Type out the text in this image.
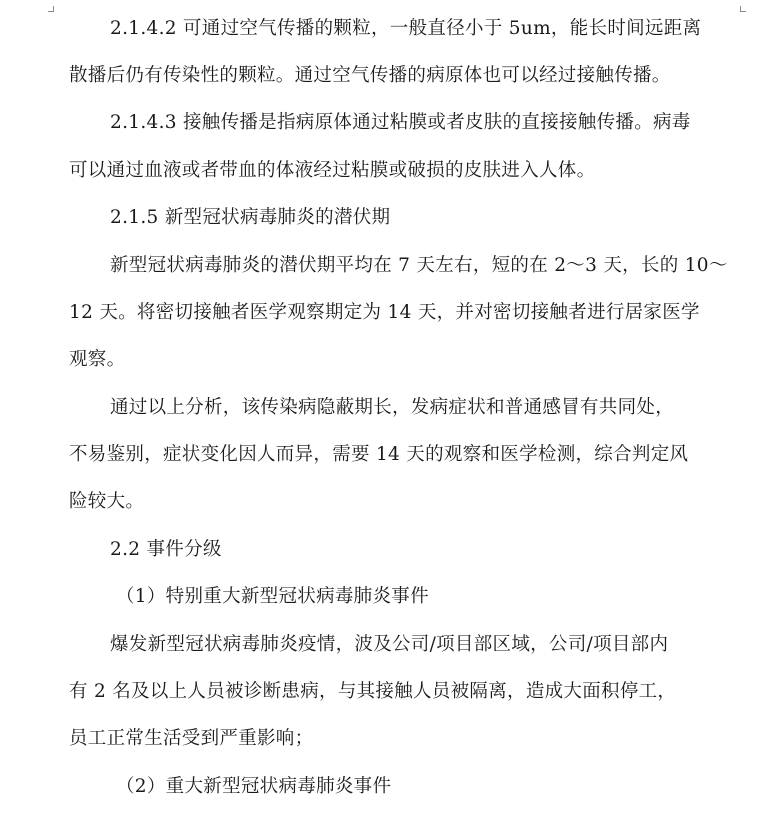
2.1.4.2 可通过空气传播的颗粒，一般直径小于 5um，能长时间远距离
散播后仍有传染性的颗粒。通过空气传播的病原体也可以经过接触传播。
2.1.4.3 接触传播是指病原体通过粘膜或者皮肤的直接接触传播。病毒
可以通过血液或者带血的体液经过粘膜或破损的皮肤进入人体。
2.1.5 新型冠状病毒肺炎的潜伏期
新型冠状病毒肺炎的潜伏期平均在 7 天左右，短的在 2～3 天，长的 10～
12 天。将密切接触者医学观察期定为 14 天，并对密切接触者进行居家医学
观察。
通过以上分析，该传染病隐蔽期长，发病症状和普通感冒有共同处，
不易鉴别，症状变化因人而异，需要 14 天的观察和医学检测，综合判定风
险较大。
2.2 事件分级
（1）特别重大新型冠状病毒肺炎事件
爆发新型冠状病毒肺炎疫情，波及公司/项目部区域，公司/项目部内
有 2 名及以上人员被诊断患病，与其接触人员被隔离，造成大面积停工，
员工正常生活受到严重影响；
（2）重大新型冠状病毒肺炎事件
